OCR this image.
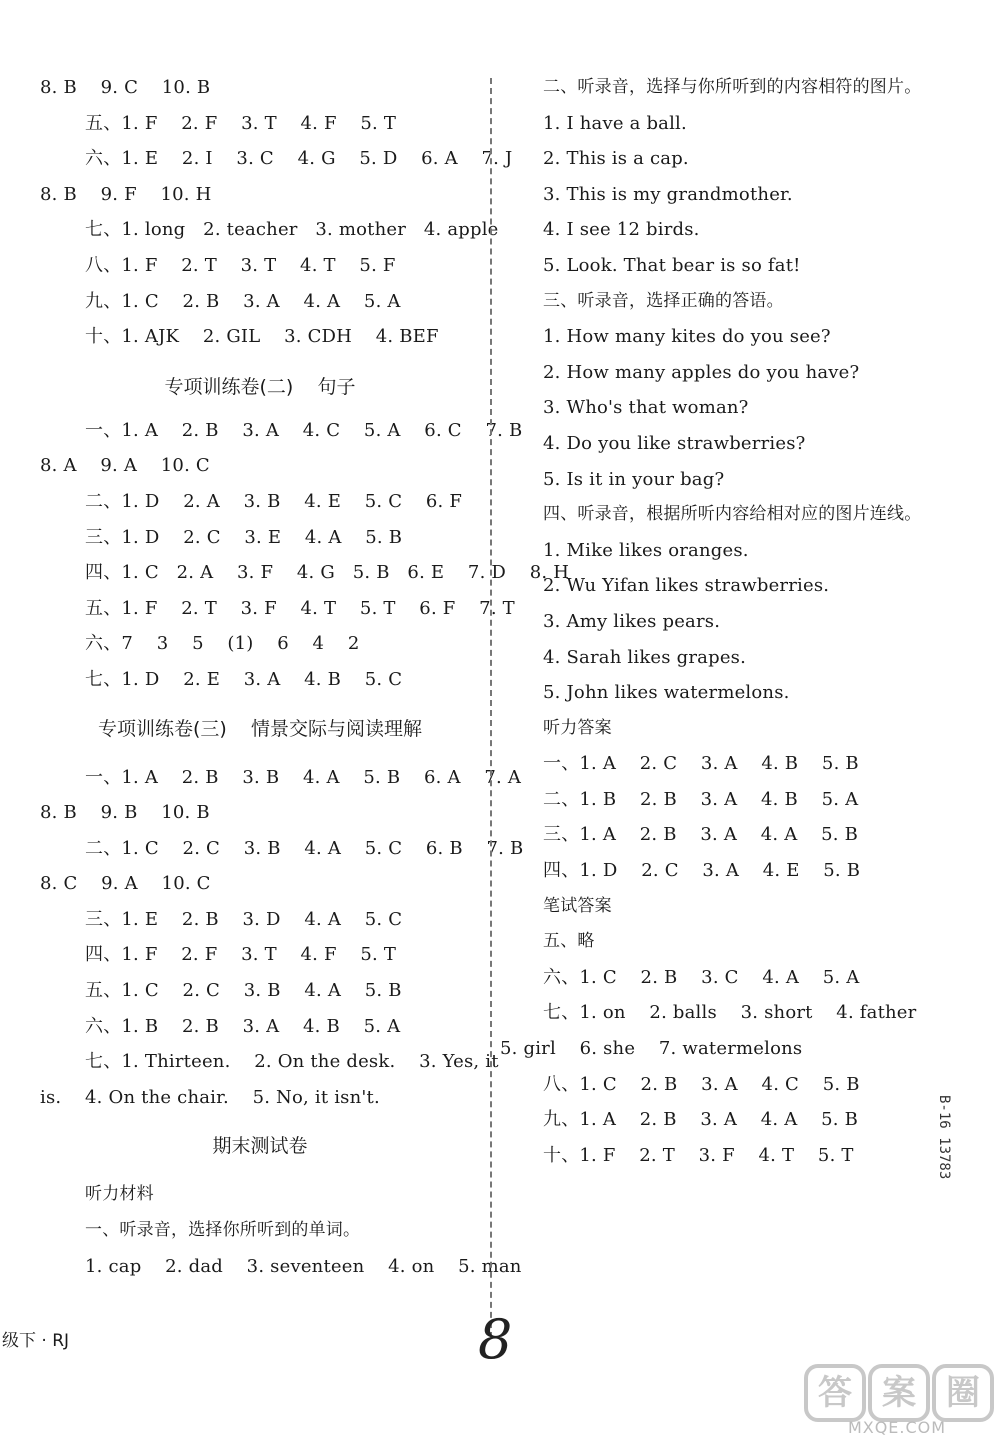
8. B    9. C    10. B
五、1. F    2. F    3. T    4. F    5. T
六、1. E    2. I    3. C    4. G    5. D    6. A    7. J
8. B    9. F    10. H
七、1. long   2. teacher   3. mother   4. apple
八、1. F    2. T    3. T    4. T    5. F
九、1. C    2. B    3. A    4. A    5. A
十、1. AJK    2. GIL    3. CDH    4. BEF
专项训练卷(二)    句子
一、1. A    2. B    3. A    4. C    5. A    6. C    7. B
8. A    9. A    10. C
二、1. D    2. A    3. B    4. E    5. C    6. F
三、1. D    2. C    3. E    4. A    5. B
四、1. C   2. A    3. F    4. G   5. B   6. E    7. D    8. H
五、1. F    2. T    3. F    4. T    5. T    6. F    7. T
六、7    3    5    (1)    6    4    2
七、1. D    2. E    3. A    4. B    5. C
专项训练卷(三)    情景交际与阅读理解
一、1. A    2. B    3. B    4. A    5. B    6. A    7. A
8. B    9. B    10. B
二、1. C    2. C    3. B    4. A    5. C    6. B    7. B
8. C    9. A    10. C
三、1. E    2. B    3. D    4. A    5. C
四、1. F    2. F    3. T    4. F    5. T
五、1. C    2. C    3. B    4. A    5. B
六、1. B    2. B    3. A    4. B    5. A
七、1. Thirteen.    2. On the desk.    3. Yes, it
is.    4. On the chair.    5. No, it isn't.
期末测试卷
听力材料
一、听录音，选择你所听到的单词。
1. cap    2. dad    3. seventeen    4. on    5. man
二、听录音，选择与你所听到的内容相符的图片。
1. I have a ball.
2. This is a cap.
3. This is my grandmother.
4. I see 12 birds.
5. Look. That bear is so fat!
三、听录音，选择正确的答语。
1. How many kites do you see?
2. How many apples do you have?
3. Who's that woman?
4. Do you like strawberries?
5. Is it in your bag?
四、听录音，根据所听内容给相对应的图片连线。
1. Mike likes oranges.
2. Wu Yifan likes strawberries.
3. Amy likes pears.
4. Sarah likes grapes.
5. John likes watermelons.
听力答案
一、1. A    2. C    3. A    4. B    5. B
二、1. B    2. B    3. A    4. B    5. A
三、1. A    2. B    3. A    4. A    5. B
四、1. D    2. C    3. A    4. E    5. B
笔试答案
五、略
六、1. C    2. B    3. C    4. A    5. A
七、1. on    2. balls    3. short    4. father
5. girl    6. she    7. watermelons
八、1. C    2. B    3. A    4. C    5. B
九、1. A    2. B    3. A    4. A    5. B
十、1. F    2. T    3. F    4. T    5. T	B-16 13783
级下 · RJ	8
答 案 圈
MXQE.COM
